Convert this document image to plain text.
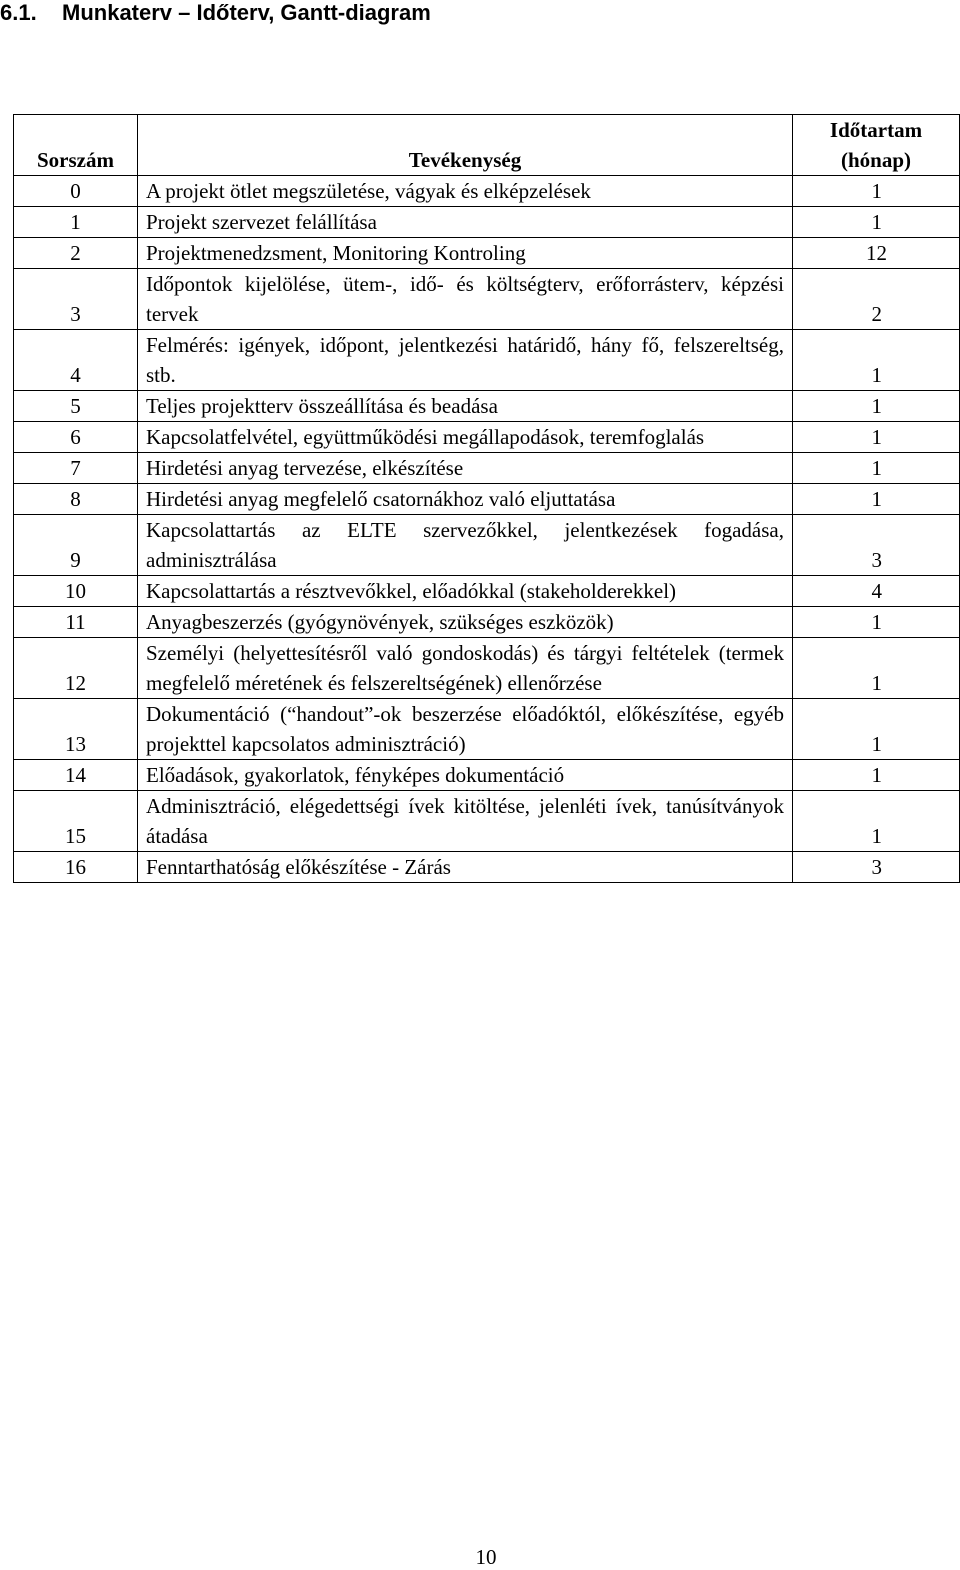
6.1. Munkaterv – Időterv, Gantt-diagram
Sorszám	Tevékenység	Időtartam
(hónap)
0	A projekt ötlet megszületése, vágyak és elképzelések	1
1	Projekt szervezet felállítása	1
2	Projektmenedzsment, Monitoring Kontroling	12
3	Időpontok kijelölése, ütem-, idő- és költségterv, erőforrásterv, képzési tervek	2
4	Felmérés: igények, időpont, jelentkezési határidő, hány fő, felszereltség, stb.	1
5	Teljes projektterv összeállítása és beadása	1
6	Kapcsolatfelvétel, együttműködési megállapodások, teremfoglalás	1
7	Hirdetési anyag tervezése, elkészítése	1
8	Hirdetési anyag megfelelő csatornákhoz való eljuttatása	1
9	Kapcsolattartás az ELTE szervezőkkel, jelentkezések fogadása, adminisztrálása	3
10	Kapcsolattartás a résztvevőkkel, előadókkal (stakeholderekkel)	4
11	Anyagbeszerzés (gyógynövények, szükséges eszközök)	1
12	Személyi (helyettesítésről való gondoskodás) és tárgyi feltételek (termek megfelelő méretének és felszereltségének) ellenőrzése	1
13	Dokumentáció (“handout”-ok beszerzése előadóktól, előkészítése, egyéb projekttel kapcsolatos adminisztráció)	1
14	Előadások, gyakorlatok, fényképes dokumentáció	1
15	Adminisztráció, elégedettségi ívek kitöltése, jelenléti ívek, tanúsítványok átadása	1
16	Fenntarthatóság előkészítése - Zárás	3
10
